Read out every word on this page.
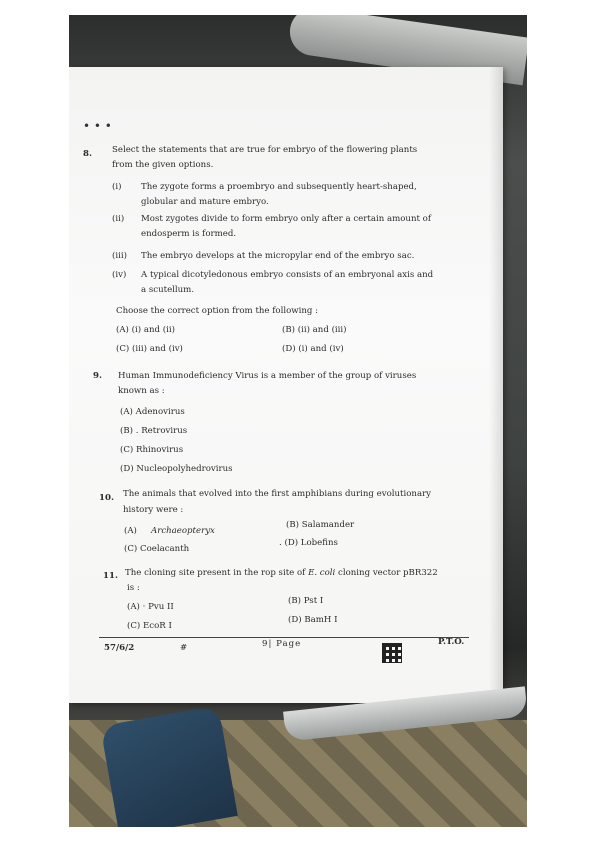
• • •
8. Select the statements that are true for embryo of the flowering plants
from the given options.
(i) The zygote forms a proembryo and subsequently heart-shaped,
globular and mature embryo.
(ii) Most zygotes divide to form embryo only after a certain amount of
endosperm is formed.
(iii) The embryo develops at the micropylar end of the embryo sac.
(iv) A typical dicotyledonous embryo consists of an embryonal axis and
a scutellum.
Choose the correct option from the following :
(A) (i) and (ii)	(B) (ii) and (iii)
(C) (iii) and (iv)	(D) (i) and (iv)
9. Human Immunodeficiency Virus is a member of the group of viruses
known as :
(A) Adenovirus
(B) . Retrovirus
(C) Rhinovirus
(D) Nucleopolyhedrovirus
10. The animals that evolved into the first amphibians during evolutionary
history were :
(A) Archaeopteryx
(B) Salamander
(C) Coelacanth
. (D) Lobefins
11. The cloning site present in the rop site of E. coli cloning vector pBR322
is :
(A) · Pvu II
(B) Pst I
(C) EcoR I
(D) BamH I
57/6/2	#	9| Page	P.T.O.
